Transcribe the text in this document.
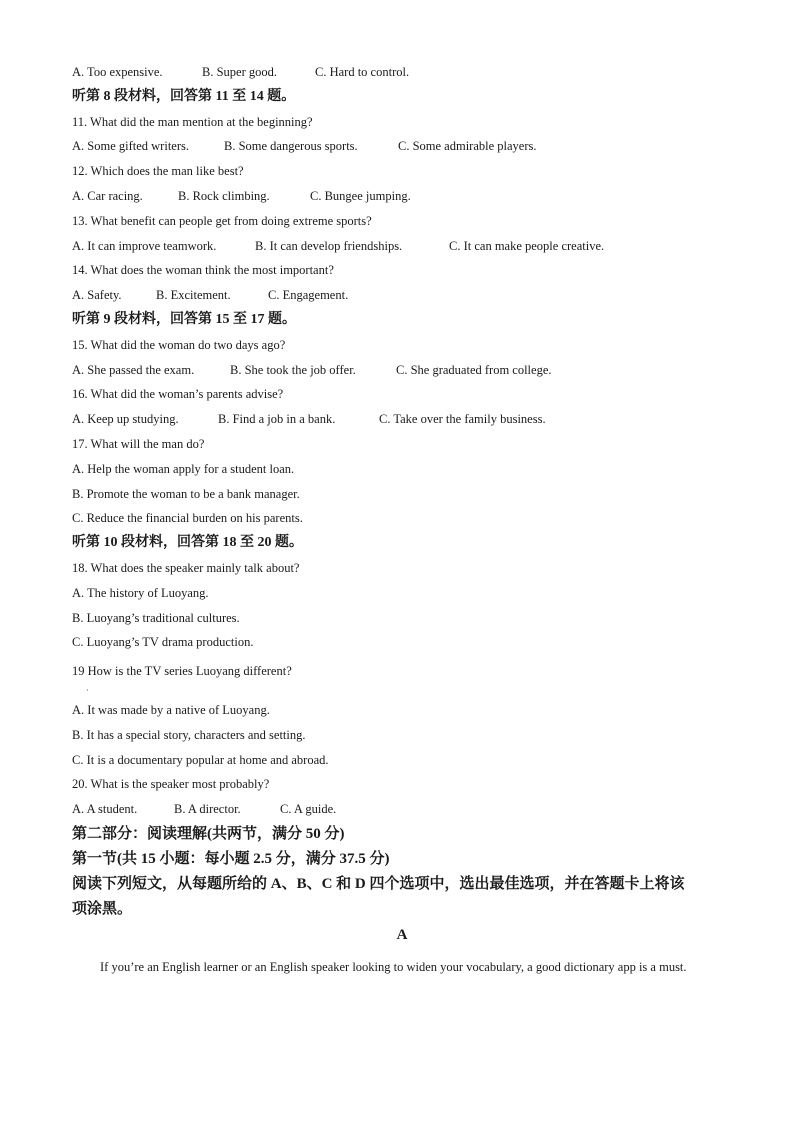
A. Too expensive.	B. Super good.	C. Hard to control.
听第 8 段材料，回答第 11 至 14 题。
11. What did the man mention at the beginning?
A. Some gifted writers.	B. Some dangerous sports.	C. Some admirable players.
12. Which does the man like best?
A. Car racing.	B. Rock climbing.	C. Bungee jumping.
13. What benefit can people get from doing extreme sports?
A. It can improve teamwork.	B. It can develop friendships.	C. It can make people creative.
14. What does the woman think the most important?
A. Safety.	B. Excitement.	C. Engagement.
听第 9 段材料，回答第 15 至 17 题。
15. What did the woman do two days ago?
A. She passed the exam.	B. She took the job offer.	C. She graduated from college.
16. What did the woman’s parents advise?
A. Keep up studying.	B. Find a job in a bank.	C. Take over the family business.
17. What will the man do?
A. Help the woman apply for a student loan.
B. Promote the woman to be a bank manager.
C. Reduce the financial burden on his parents.
听第 10 段材料，回答第 18 至 20 题。
18. What does the speaker mainly talk about?
A. The history of Luoyang.
B. Luoyang’s traditional cultures.
C. Luoyang’s TV drama production.
19 How is the TV series Luoyang different?
·
A. It was made by a native of Luoyang.
B. It has a special story, characters and setting.
C. It is a documentary popular at home and abroad.
20. What is the speaker most probably?
A. A student.	B. A director.	C. A guide.
第二部分：阅读理解(共两节，满分 50 分)
第一节(共 15 小题：每小题 2.5 分，满分 37.5 分)
阅读下列短文，从每题所给的 A、B、C 和 D 四个选项中，选出最佳选项，并在答题卡上将该
项涂黑。
A
If you’re an English learner or an English speaker looking to widen your vocabulary, a good dictionary app is a must.
